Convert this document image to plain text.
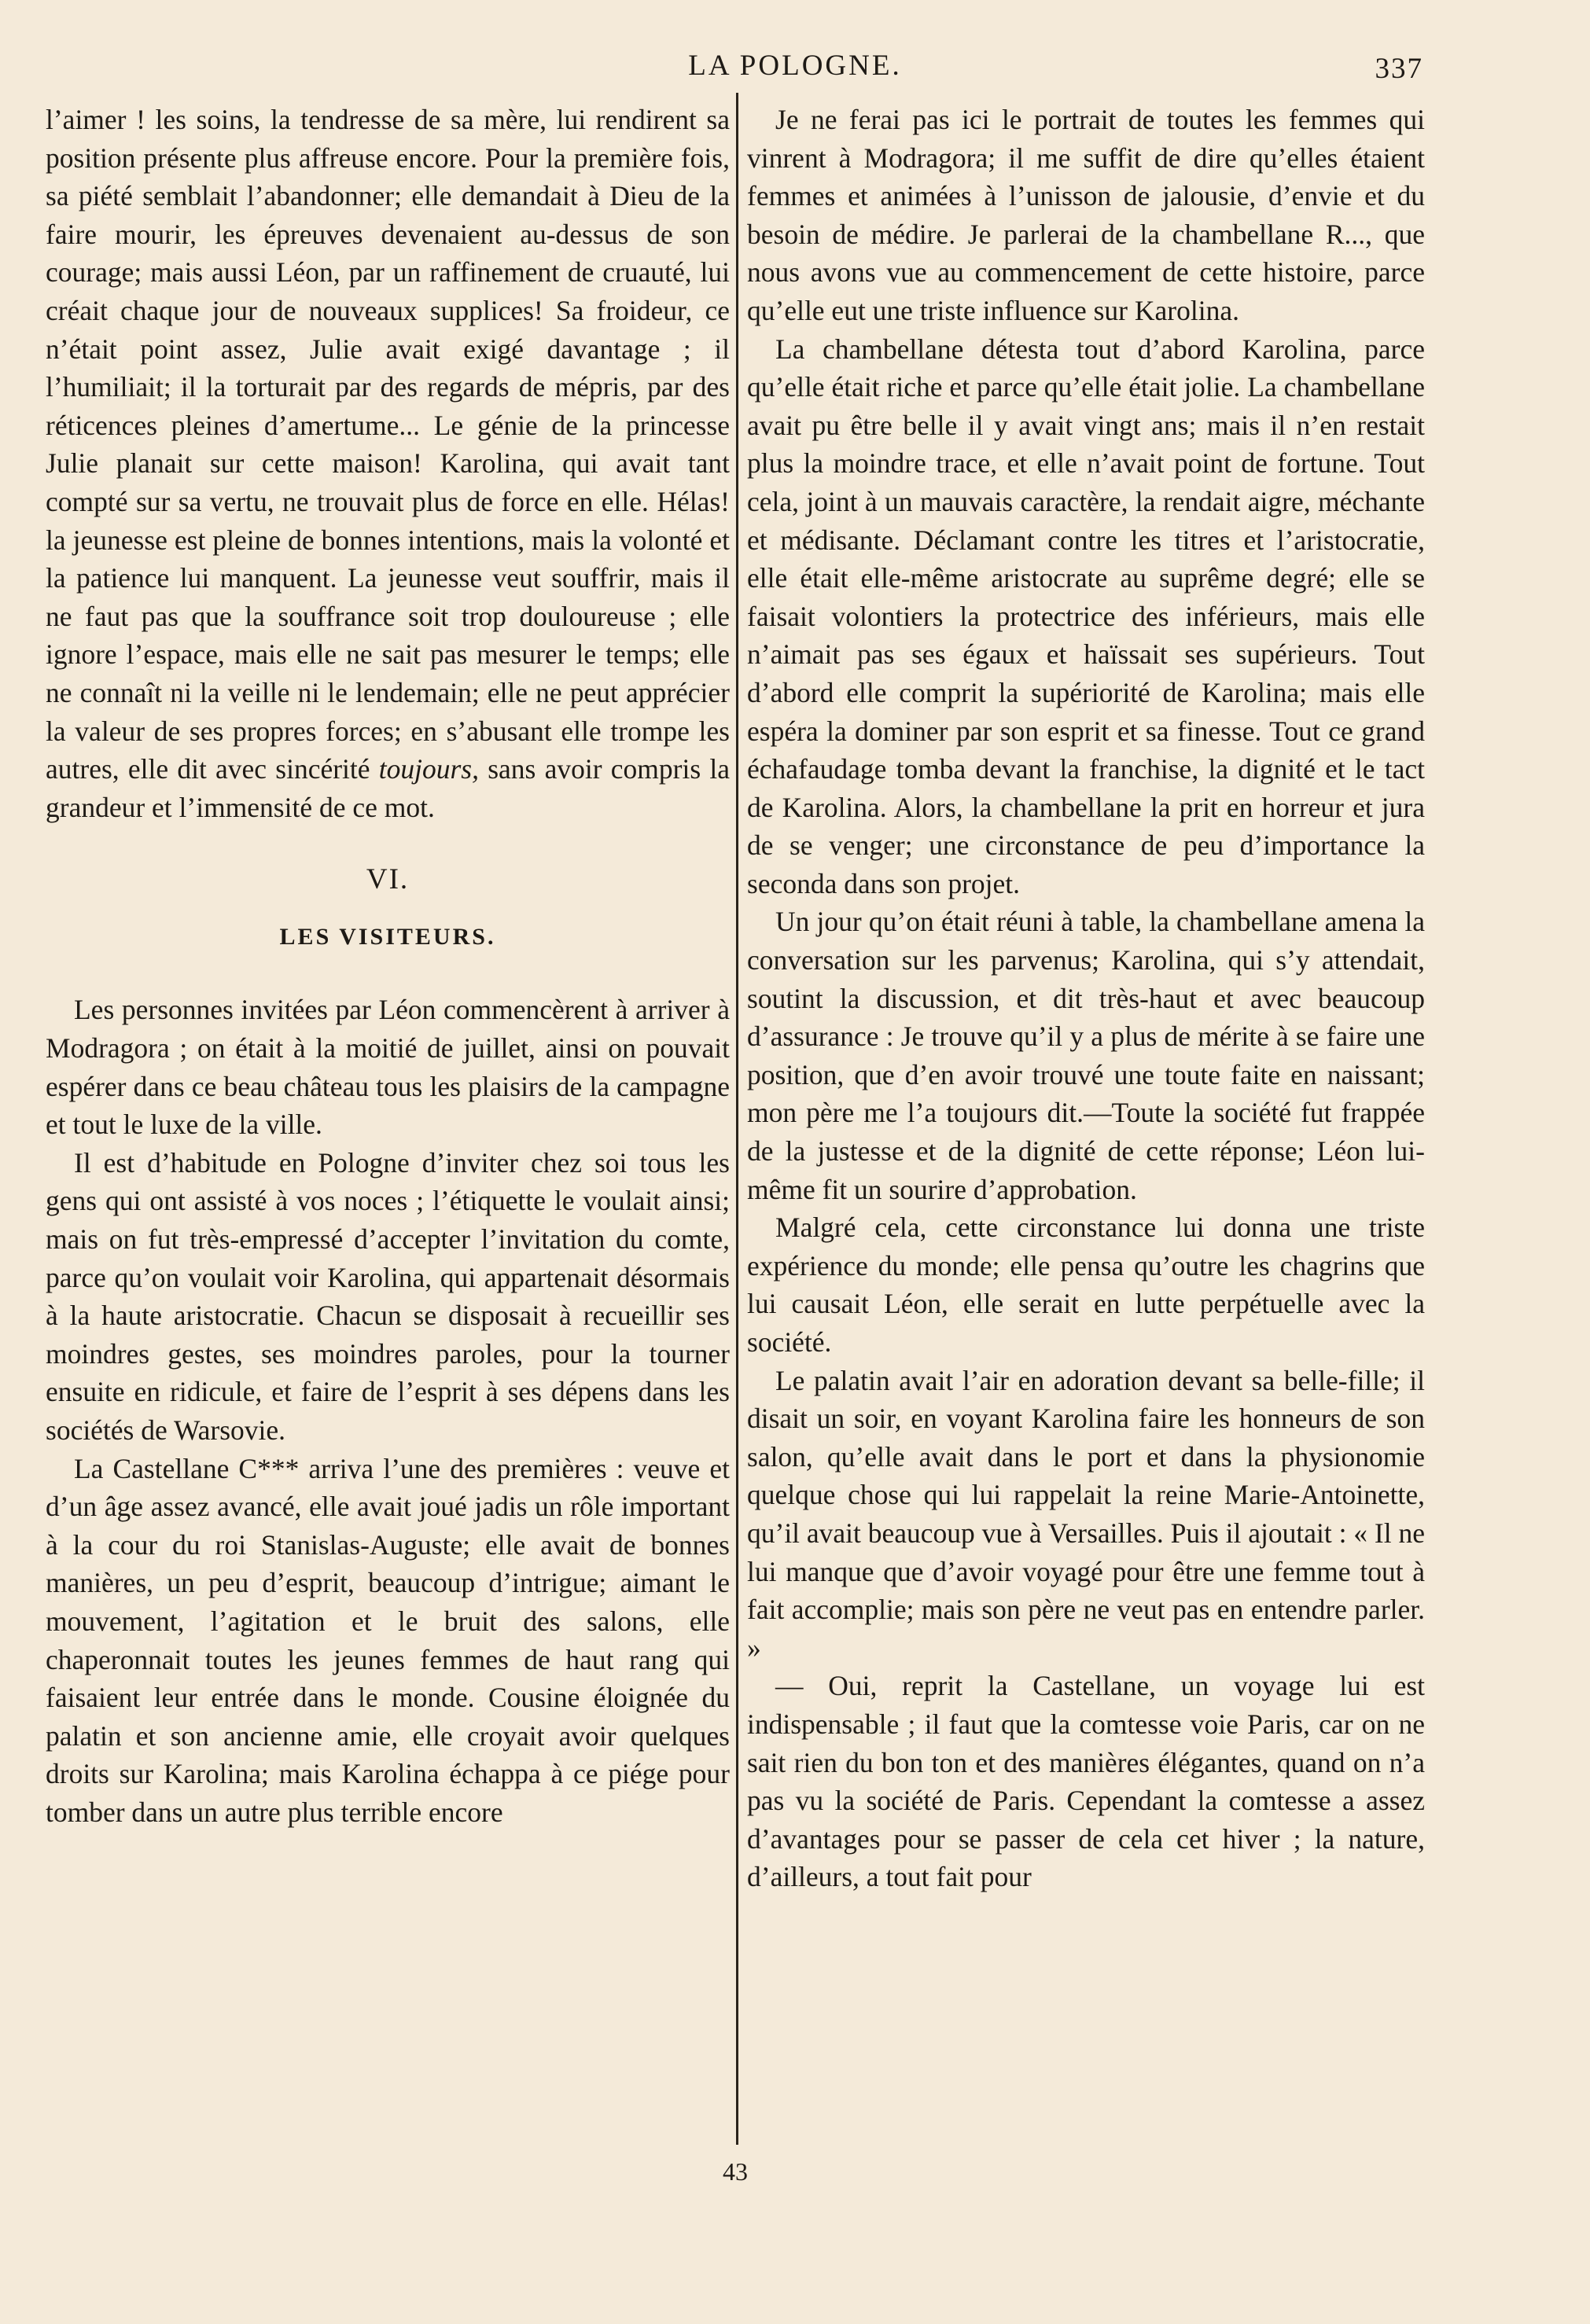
LA POLOGNE.	337

l’aimer ! les soins, la tendresse de sa mère, lui rendirent sa position présente plus affreuse encore. Pour la première fois, sa piété semblait l’abandonner; elle demandait à Dieu de la faire mourir, les épreuves devenaient au-dessus de son courage; mais aussi Léon, par un raffinement de cruauté, lui créait chaque jour de nouveaux supplices! Sa froideur, ce n’était point assez, Julie avait exigé davantage ; il l’humiliait; il la torturait par des regards de mépris, par des réticences pleines d’amertume... Le génie de la princesse Julie planait sur cette maison! Karolina, qui avait tant compté sur sa vertu, ne trouvait plus de force en elle. Hélas! la jeunesse est pleine de bonnes intentions, mais la volonté et la patience lui manquent. La jeunesse veut souffrir, mais il ne faut pas que la souffrance soit trop douloureuse ; elle ignore l’espace, mais elle ne sait pas mesurer le temps; elle ne connaît ni la veille ni le lendemain; elle ne peut apprécier la valeur de ses propres forces; en s’abusant elle trompe les autres, elle dit avec sincérité toujours, sans avoir compris la grandeur et l’immensité de ce mot.

VI.
LES VISITEURS.

Les personnes invitées par Léon commencèrent à arriver à Modragora ; on était à la moitié de juillet, ainsi on pouvait espérer dans ce beau château tous les plaisirs de la campagne et tout le luxe de la ville.

Il est d’habitude en Pologne d’inviter chez soi tous les gens qui ont assisté à vos noces ; l’étiquette le voulait ainsi; mais on fut très-empressé d’accepter l’invitation du comte, parce qu’on voulait voir Karolina, qui appartenait désormais à la haute aristocratie. Chacun se disposait à recueillir ses moindres gestes, ses moindres paroles, pour la tourner ensuite en ridicule, et faire de l’esprit à ses dépens dans les sociétés de Warsovie.

La Castellane C*** arriva l’une des premières : veuve et d’un âge assez avancé, elle avait joué jadis un rôle important à la cour du roi Stanislas-Auguste; elle avait de bonnes manières, un peu d’esprit, beaucoup d’intrigue; aimant le mouvement, l’agitation et le bruit des salons, elle chaperonnait toutes les jeunes femmes de haut rang qui faisaient leur entrée dans le monde. Cousine éloignée du palatin et son ancienne amie, elle croyait avoir quelques droits sur Karolina; mais Karolina échappa à ce piége pour tomber dans un autre plus terrible encore

Je ne ferai pas ici le portrait de toutes les femmes qui vinrent à Modragora; il me suffit de dire qu’elles étaient femmes et animées à l’unisson de jalousie, d’envie et du besoin de médire. Je parlerai de la chambellane R..., que nous avons vue au commencement de cette histoire, parce qu’elle eut une triste influence sur Karolina.

La chambellane détesta tout d’abord Karolina, parce qu’elle était riche et parce qu’elle était jolie. La chambellane avait pu être belle il y avait vingt ans; mais il n’en restait plus la moindre trace, et elle n’avait point de fortune. Tout cela, joint à un mauvais caractère, la rendait aigre, méchante et médisante. Déclamant contre les titres et l’aristocratie, elle était elle-même aristocrate au suprême degré; elle se faisait volontiers la protectrice des inférieurs, mais elle n’aimait pas ses égaux et haïssait ses supérieurs. Tout d’abord elle comprit la supériorité de Karolina; mais elle espéra la dominer par son esprit et sa finesse. Tout ce grand échafaudage tomba devant la franchise, la dignité et le tact de Karolina. Alors, la chambellane la prit en horreur et jura de se venger; une circonstance de peu d’importance la seconda dans son projet.

Un jour qu’on était réuni à table, la chambellane amena la conversation sur les parvenus; Karolina, qui s’y attendait, soutint la discussion, et dit très-haut et avec beaucoup d’assurance : Je trouve qu’il y a plus de mérite à se faire une position, que d’en avoir trouvé une toute faite en naissant; mon père me l’a toujours dit.—Toute la société fut frappée de la justesse et de la dignité de cette réponse; Léon lui-même fit un sourire d’approbation.

Malgré cela, cette circonstance lui donna une triste expérience du monde; elle pensa qu’outre les chagrins que lui causait Léon, elle serait en lutte perpétuelle avec la société.

Le palatin avait l’air en adoration devant sa belle-fille; il disait un soir, en voyant Karolina faire les honneurs de son salon, qu’elle avait dans le port et dans la physionomie quelque chose qui lui rappelait la reine Marie-Antoinette, qu’il avait beaucoup vue à Versailles. Puis il ajoutait : « Il ne lui manque que d’avoir voyagé pour être une femme tout à fait accomplie; mais son père ne veut pas en entendre parler. »

— Oui, reprit la Castellane, un voyage lui est indispensable ; il faut que la comtesse voie Paris, car on ne sait rien du bon ton et des manières élégantes, quand on n’a pas vu la société de Paris. Cependant la comtesse a assez d’avantages pour se passer de cela cet hiver ; la nature, d’ailleurs, a tout fait pour

43
